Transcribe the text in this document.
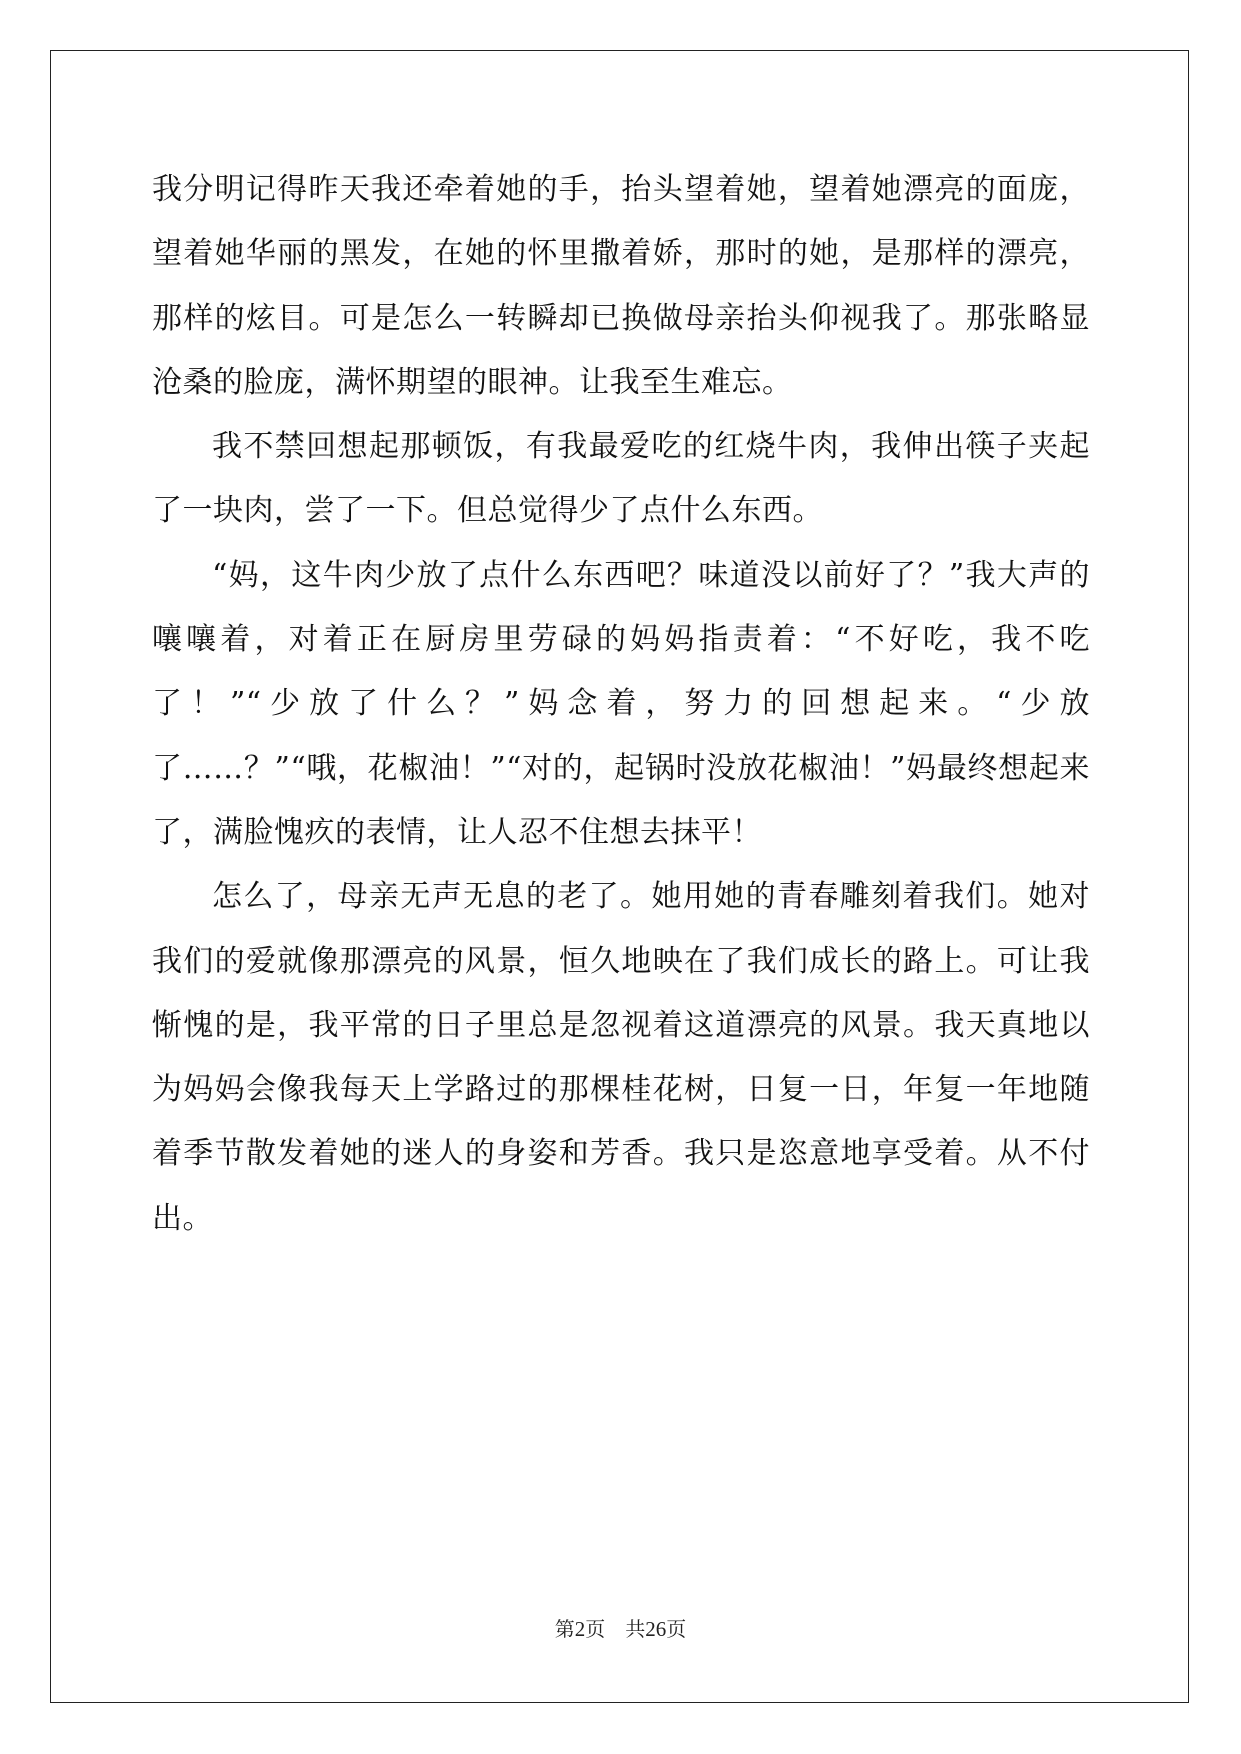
我分明记得昨天我还牵着她的手，抬头望着她，望着她漂亮的面庞，望着她华丽的黑发，在她的怀里撒着娇，那时的她，是那样的漂亮，那样的炫目。可是怎么一转瞬却已换做母亲抬头仰视我了。那张略显沧桑的脸庞，满怀期望的眼神。让我至生难忘。

我不禁回想起那顿饭，有我最爱吃的红烧牛肉，我伸出筷子夹起了一块肉，尝了一下。但总觉得少了点什么东西。

“妈，这牛肉少放了点什么东西吧？味道没以前好了？”我大声的嚷嚷着，对着正在厨房里劳碌的妈妈指责着：“不好吃，我不吃了！”“少放了什么？”妈念着，努力的回想起来。“少放了……？”“哦，花椒油！”“对的，起锅时没放花椒油！”妈最终想起来了，满脸愧疚的表情，让人忍不住想去抹平！

怎么了，母亲无声无息的老了。她用她的青春雕刻着我们。她对我们的爱就像那漂亮的风景，恒久地映在了我们成长的路上。可让我惭愧的是，我平常的日子里总是忽视着这道漂亮的风景。我天真地以为妈妈会像我每天上学路过的那棵桂花树，日复一日，年复一年地随着季节散发着她的迷人的身姿和芳香。我只是恣意地享受着。从不付出。

第2页 共26页
